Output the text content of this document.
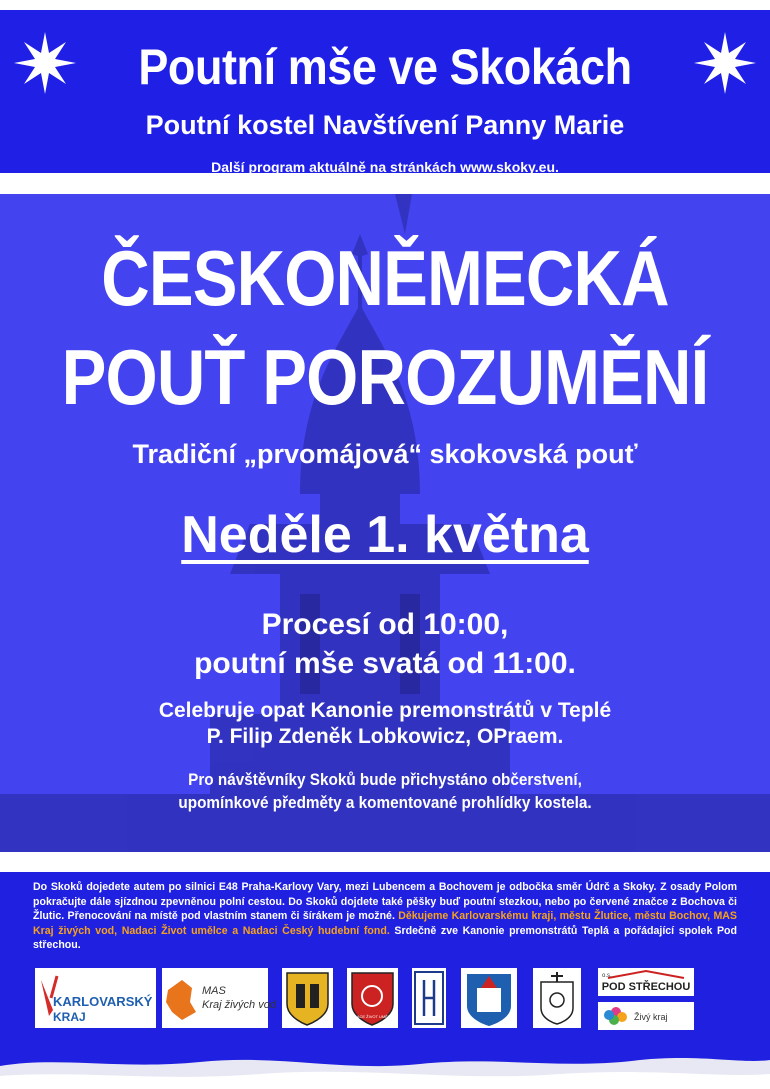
Poutní mše ve Skokách
Poutní kostel Navštívení Panny Marie
Další program aktuálně na stránkách www.skoky.eu.
ČESKONĚMECKÁ
POUŤ POROZUMĚNÍ
Tradiční „prvomájová“ skokovská pouť
Neděle 1. května
Procesí od 10:00,
poutní mše svatá od 11:00.
Celebruje opat Kanonie premonstrátů v Teplé
P. Filip Zdeněk Lobkowicz, OPraem.
Pro návštěvníky Skoků bude přichystáno občerstvení,
upomínkové předměty a komentované prohlídky kostela.
Do Skoků dojedete autem po silnici E48 Praha-Karlovy Vary, mezi Lubencem a Bochovem je odbočka směr Údrč a Skoky. Z osady Polom pokračujte dále sjízdnou zpevněnou polní cestou. Do Skoků dojdete také pěšky buď poutní stezkou, nebo po červené značce z Bochova či Žlutic. Přenocování na místě pod vlastním stanem či šírákem je možné. Děkujeme Karlovarskému kraji, městu Žlutice, městu Bochov, MAS Kraj živých vod, Nadaci Život umělce a Nadaci Český hudební fond. Srdečně zve Kanonie premonstrátů Teplá a pořádající spolek Pod střechou.
KARLOVARSKÝ
KRAJ
MAS
Kraj živých vod
NADACE ŽIVOT UMĚLCE
o.s.
POD STŘECHOU
Živý kraj
